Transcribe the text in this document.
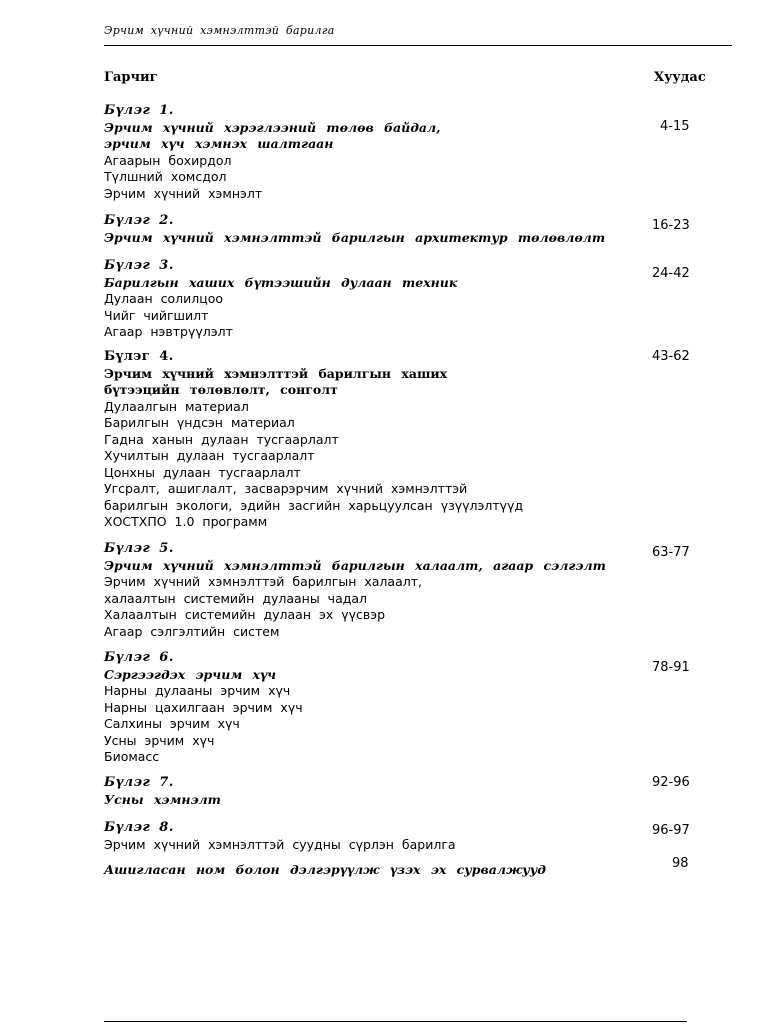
Эрчим хүчний хэмнэлттэй барилга
Гарчиг	Хуудас
Бүлэг 1.
Эрчим хүчний хэрэглээний төлөв байдал,
эрчим хүч хэмнэх шалтгаан
Агаарын бохирдол
Түлшний хомсдол
Эрчим хүчний хэмнэлт
4-15
Бүлэг 2.
Эрчим хүчний хэмнэлттэй барилгын архитектур төлөвлөлт
16-23
Бүлэг 3.
Барилгын хаших бүтээшийн дулаан техник
Дулаан солилцоо
Чийг чийгшилт
Агаар нэвтрүүлэлт
24-42
Бүлэг 4.
Эрчим хүчний хэмнэлттэй барилгын хаших
бүтээцийн төлөвлөлт, сонголт
Дулаалгын материал
Барилгын үндсэн материал
Гадна ханын дулаан тусгаарлалт
Хучилтын дулаан тусгаарлалт
Цонхны дулаан тусгаарлалт
Угсралт, ашиглалт, засварэрчим хүчний хэмнэлттэй
барилгын экологи, эдийн засгийн харьцуулсан үзүүлэлтүүд
ХОСТХПО 1.0 программ
43-62
Бүлэг 5.
Эрчим хүчний хэмнэлттэй барилгын халаалт, агаар сэлгэлт
Эрчим хүчний хэмнэлттэй барилгын халаалт,
халаалтын системийн дулааны чадал
Халаалтын системийн дулаан эх үүсвэр
Агаар сэлгэлтийн систем
63-77
Бүлэг 6.
Сэргээгдэх эрчим хүч
Нарны дулааны эрчим хүч
Нарны цахилгаан эрчим хүч
Салхины эрчим хүч
Усны эрчим хүч
Биомасс
78-91
Бүлэг 7.
Усны хэмнэлт
92-96
Бүлэг 8.
Эрчим хүчний хэмнэлттэй суудны сүрлэн барилга
96-97
Ашигласан ном болон дэлгэрүүлж үзэх эх сурвалжууд	98
